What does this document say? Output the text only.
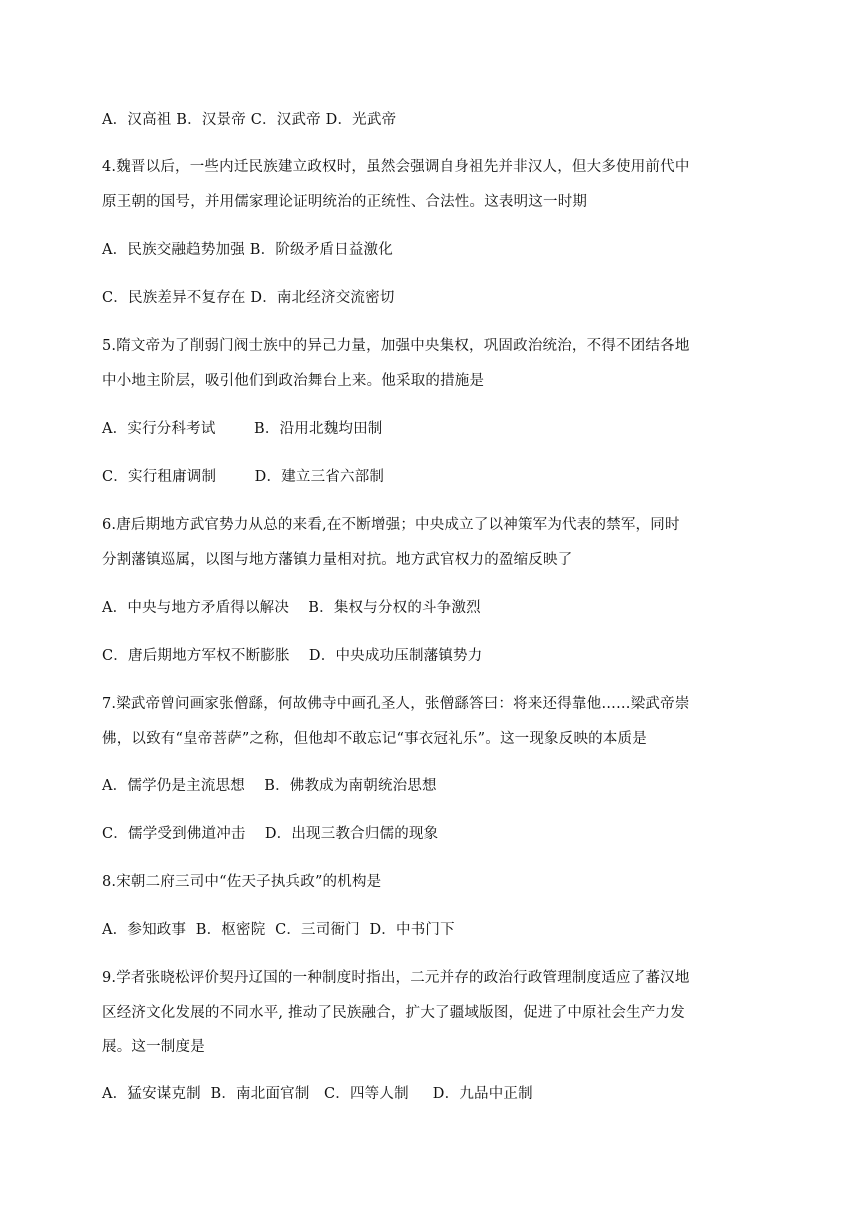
A．汉高祖 B．汉景帝 C．汉武帝 D．光武帝
4.魏晋以后，一些内迁民族建立政权时，虽然会强调自身祖先并非汉人，但大多使用前代中
原王朝的国号，并用儒家理论证明统治的正统性、合法性。这表明这一时期
A．民族交融趋势加强 B．阶级矛盾日益激化
C．民族差异不复存在 D．南北经济交流密切
5.隋文帝为了削弱门阀士族中的异己力量，加强中央集权，巩固政治统治，不得不团结各地
中小地主阶层，吸引他们到政治舞台上来。他采取的措施是
A．实行分科考试        B．沿用北魏均田制
C．实行租庸调制        D．建立三省六部制
6.唐后期地方武官势力从总的来看,在不断增强；中央成立了以神策军为代表的禁军，同时
分割藩镇巡属，以图与地方藩镇力量相对抗。地方武官权力的盈缩反映了
A．中央与地方矛盾得以解决    B．集权与分权的斗争激烈
C．唐后期地方军权不断膨胀    D．中央成功压制藩镇势力
7.梁武帝曾问画家张僧繇，何故佛寺中画孔圣人，张僧繇答曰：将来还得靠他……梁武帝崇
佛，以致有“皇帝菩萨”之称，但他却不敢忘记“事衣冠礼乐”。这一现象反映的本质是
A．儒学仍是主流思想    B．佛教成为南朝统治思想
C．儒学受到佛道冲击    D．出现三教合归儒的现象
8.宋朝二府三司中“佐天子执兵政”的机构是
A．参知政事  B．枢密院  C．三司衙门  D．中书门下
9.学者张晓松评价契丹辽国的一种制度时指出，二元并存的政治行政管理制度适应了蕃汉地
区经济文化发展的不同水平, 推动了民族融合，扩大了疆域版图，促进了中原社会生产力发
展。这一制度是
A．猛安谋克制  B．南北面官制   C．四等人制     D．九品中正制
